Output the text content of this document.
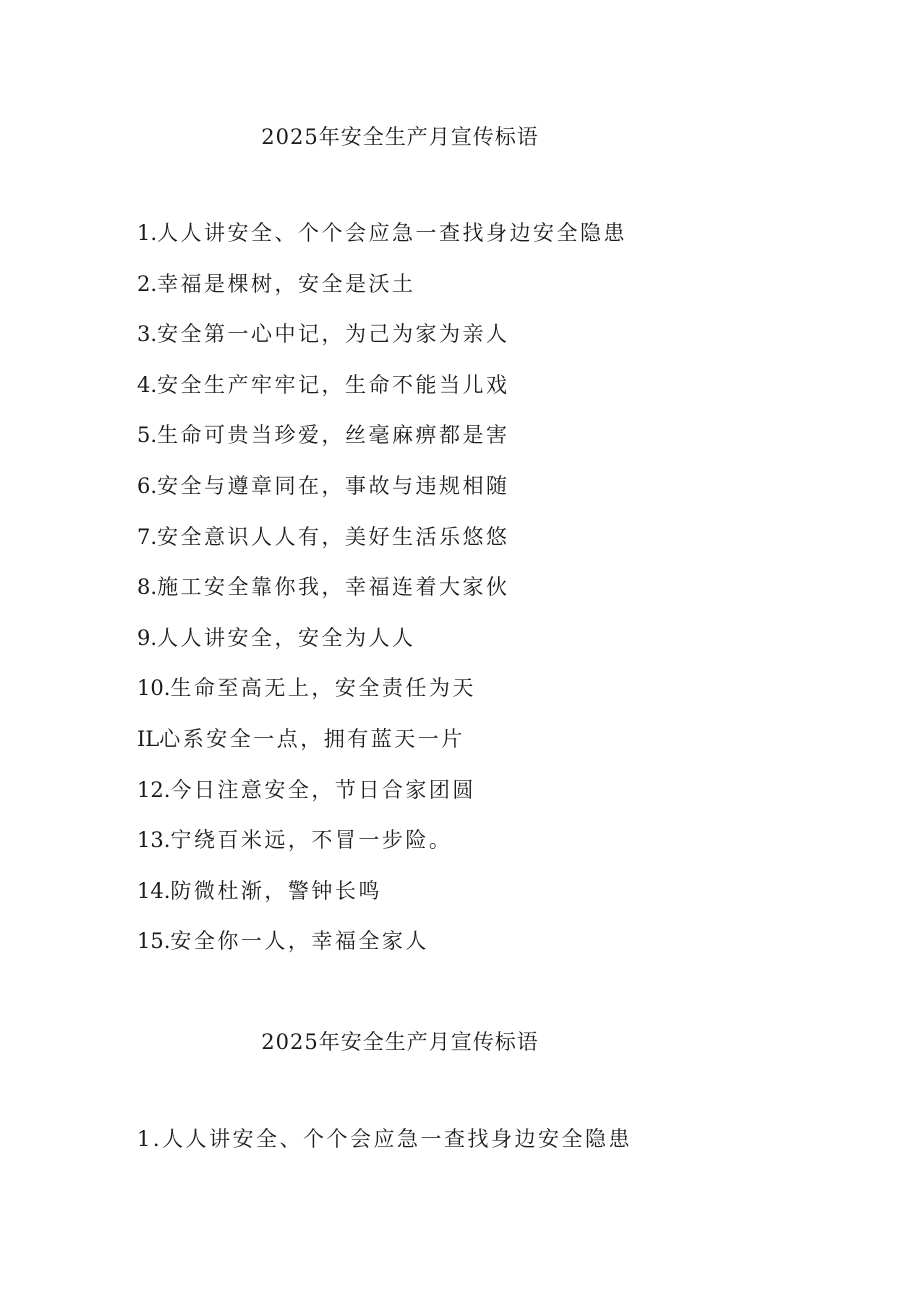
2025年安全生产月宣传标语
1.人人讲安全、个个会应急一查找身边安全隐患
2.幸福是棵树，安全是沃土
3.安全第一心中记，为己为家为亲人
4.安全生产牢牢记，生命不能当儿戏
5.生命可贵当珍爱，丝毫麻痹都是害
6.安全与遵章同在，事故与违规相随
7.安全意识人人有，美好生活乐悠悠
8.施工安全靠你我，幸福连着大家伙
9.人人讲安全，安全为人人
10.生命至高无上，安全责任为天
IL心系安全一点，拥有蓝天一片
12.今日注意安全，节日合家团圆
13.宁绕百米远，不冒一步险。
14.防微杜渐，警钟长鸣
15.安全你一人，幸福全家人
2025年安全生产月宣传标语

1.人人讲安全、个个会应急一查找身边安全隐患
